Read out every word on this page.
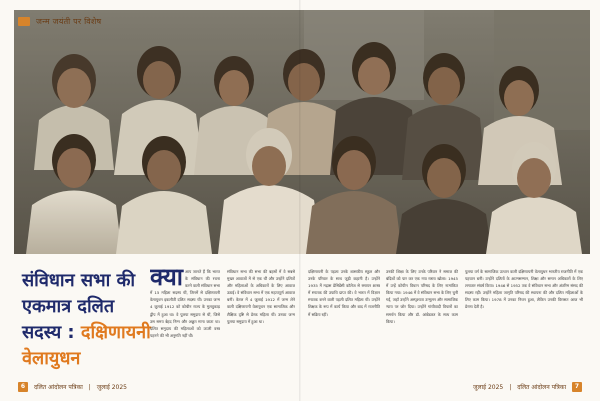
जन्म जयंती पर विशेष
संविधान सभा की
एकमात्र दलित
सदस्य : दक्षिणायनी
वेलायुधन
क्या आप जानते हैं कि भारत के संविधान की रचना करने वाली संविधान सभा में 15 महिला सदस्य थीं, जिनमें से दक्षिणायनी वेलायुधन इकलौती दलित सदस्य थीं। उनका जन्म 4 जुलाई 1912 को कोचीन राज्य के मुलवुकाड़ द्वीप में हुआ था। वे पुलया समुदाय से थीं, जिसे उस समय बेहद निम्न और अछूत माना जाता था। दलित समुदाय की महिलाओं को ऊपरी वस्त्र पहनने की भी अनुमति नहीं थी।
संविधान सभा की सभा की बहसों में वे सबसे मुखर आवाजों में से एक थीं और उन्होंने दलितों और महिलाओं के अधिकारों के लिए आवाज उठाई। वे संविधान सभा में एक महत्वपूर्ण आवाज बनीं। केरल में 4 जुलाई 1912 में जन्म लेने वाली दक्षिणायनी वेलायुधन एक सामाजिक और शैक्षिक दृष्टि से प्रेरक महिला थीं। उनका जन्म पुलया समुदाय में हुआ था।
दक्षिणायनी के पहला उनके शासकीय स्कूल और उनके परिवार के साथ जुड़ी कहानी है। उन्होंने 1935 में मद्रास प्रेसिडेंसी कॉलेज से रसायन शास्त्र में स्नातक की उपाधि प्राप्त की। वे भारत में विज्ञान स्नातक बनने वाली पहली दलित महिला थीं। उन्होंने शिक्षक के रूप में कार्य किया और बाद में राजनीति में सक्रिय रहीं।
उनकी शिक्षा के लिए उनके परिवार ने समाज की बंदिशों को पार कर एक नया रास्ता खोला। 1945 में उन्हें कोचीन विधान परिषद के लिए नामांकित किया गया। 1946 में वे संविधान सभा के लिए चुनी गईं, जहाँ उन्होंने अस्पृश्यता उन्मूलन और सामाजिक न्याय पर जोर दिया। उन्होंने गांधीवादी विचारों का समर्थन किया और डॉ. आंबेडकर के साथ काम किया।
पुलया वर्ग के सामाजिक उत्थान वाली दक्षिणायनी वेलायुधन भारतीय राजनीति में एक पहचान बनीं। उन्होंने दलितों के आत्मसम्मान, शिक्षा और समान अधिकारों के लिए लगातार संघर्ष किया। 1946 से 1952 तक वे संविधान सभा और अंतरिम संसद की सदस्य रहीं। उन्होंने महिला जागृति परिषद की स्थापना की और दलित महिलाओं के लिए काम किया। 1978 में उनका निधन हुआ, लेकिन उनकी विरासत आज भी प्रेरणा देती है।
6	दलित आंदोलन पत्रिका | जुलाई 2025	जुलाई 2025 | दलित आंदोलन पत्रिका	7
